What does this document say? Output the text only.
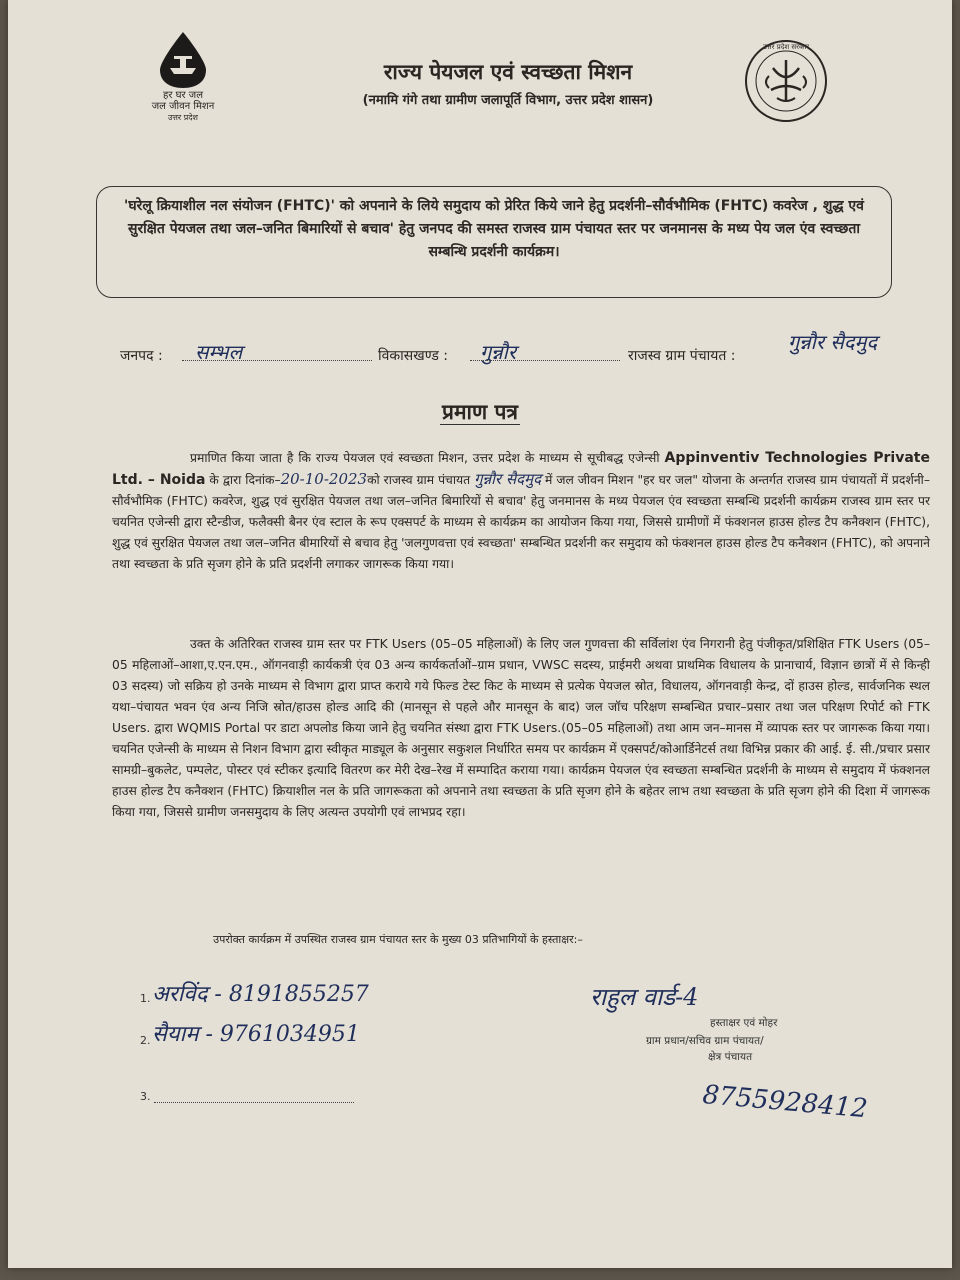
हर घर जल
जल जीवन मिशन
उत्तर प्रदेश
राज्य पेयजल एवं स्वच्छता मिशन
(नमामि गंगे तथा ग्रामीण जलापूर्ति विभाग, उत्तर प्रदेश शासन)
उत्तर प्रदेश सरकार
'घरेलू क्रियाशील नल संयोजन (FHTC)' को अपनाने के लिये समुदाय को प्रेरित किये जाने हेतु प्रदर्शनी–सौर्वभौमिक (FHTC) कवरेज , शुद्ध एवं सुरक्षित पेयजल तथा जल–जनित बिमारियों से बचाव' हेतु जनपद की समस्त राजस्व ग्राम पंचायत स्तर पर जनमानस के मध्य पेय जल एंव स्वच्छता सम्बन्धि प्रदर्शनी कार्यक्रम।
जनपद : सम्भल	विकासखण्ड : गुन्नौर	राजस्व ग्राम पंचायत :
गुन्नौर सैदमुद
प्रमाण पत्र
प्रमाणित किया जाता है कि राज्य पेयजल एवं स्वच्छता मिशन, उत्तर प्रदेश के माध्यम से सूचीबद्ध एजेन्सी Appinventiv Technologies Private Ltd. – Noida के द्वारा दिनांक–20-10-2023को राजस्व ग्राम पंचायत गुन्नौर सैदमुद में जल जीवन मिशन "हर घर जल" योजना के अन्तर्गत राजस्व ग्राम पंचायतों में प्रदर्शनी–सौर्वभौमिक (FHTC) कवरेज, शुद्ध एवं सुरक्षित पेयजल तथा जल–जनित बिमारियों से बचाव' हेतु जनमानस के मध्य पेयजल एंव स्वच्छता सम्बन्धि प्रदर्शनी कार्यक्रम राजस्व ग्राम स्तर पर चयनित एजेन्सी द्वारा स्टैन्डीज, फलैक्सी बैनर एंव स्टाल के रूप एक्सपर्ट के माध्यम से कार्यक्रम का आयोजन किया गया, जिससे ग्रामीणों में फंक्शनल हाउस होल्ड टैप कनैक्शन (FHTC), शुद्ध एवं सुरक्षित पेयजल तथा जल–जनित बीमारियों से बचाव हेतु 'जलगुणवत्ता एवं स्वच्छता' सम्बन्धित प्रदर्शनी कर समुदाय को फंक्शनल हाउस होल्ड टैप कनैक्शन (FHTC), को अपनाने तथा स्वच्छता के प्रति सृजग होने के प्रति प्रदर्शनी लगाकर जागरूक किया गया।
उक्त के अतिरिक्त राजस्व ग्राम स्तर पर FTK Users (05–05 महिलाओं) के लिए जल गुणवत्ता की सर्विलांश एंव निगरानी हेतु पंजीकृत/प्रशिक्षित FTK Users (05–05 महिलाओं–आशा,ए.एन.एम., ऑगनवाड़ी कार्यकत्री एंव 03 अन्य कार्यकर्ताओं–ग्राम प्रधान, VWSC सदस्य, प्राईमरी अथवा प्राथमिक विधालय के प्रानाचार्य, विज्ञान छात्रों में से किन्ही 03 सदस्य) जो सक्रिय हो उनके माध्यम से विभाग द्वारा प्राप्त कराये गये फिल्ड टेस्ट किट के माध्यम से प्रत्येक पेयजल स्रोत, विधालय, ऑगनवाड़ी केन्द्र, दों हाउस होल्ड, सार्वजनिक स्थल यथा–पंचायत भवन एंव अन्य निजि स्रोत/हाउस होल्ड आदि की (मानसून से पहले और मानसून के बाद) जल जॉच परिक्षण सम्बन्धित प्रचार–प्रसार तथा जल परिक्षण रिपोर्ट को FTK Users. द्वारा WQMIS Portal पर डाटा अपलोड किया जाने हेतु चयनित संस्था द्वारा FTK Users.(05–05 महिलाओं) तथा आम जन–मानस में व्यापक स्तर पर जागरूक किया गया। चयनित एजेन्सी के माध्यम से निशन विभाग द्वारा स्वीकृत माड्यूल के अनुसार सकुशल निर्धारित समय पर कार्यक्रम में एक्सपर्ट/कोआर्डिनेटर्स तथा विभिन्न प्रकार की आई. ई. सी./प्रचार प्रसार सामग्री–बुकलेट, पम्पलेट, पोस्टर एवं स्टीकर इत्यादि वितरण कर मेरी देख–रेख में सम्पादित कराया गया। कार्यक्रम पेयजल एंव स्वच्छता सम्बन्धित प्रदर्शनी के माध्यम से समुदाय में फंक्शनल हाउस होल्ड टैप कनैक्शन (FHTC) क्रियाशील नल के प्रति जागरूकता को अपनाने तथा स्वच्छता के प्रति सृजग होने के बहेतर लाभ तथा स्वच्छता के प्रति सृजग होने की दिशा में जागरूक किया गया, जिससे ग्रामीण जनसमुदाय के लिए अत्यन्त उपयोगी एवं लाभप्रद रहा।
उपरोक्त कार्यक्रम में उपस्थित राजस्व ग्राम पंचायत स्तर के मुख्य 03 प्रतिभागियों के हस्ताक्षर:–
1. अरविंद - 8191855257
2. सैयाम - 9761034951
3.
राहुल वार्ड-4
हस्ताक्षर एवं मोहर
ग्राम प्रधान/सचिव ग्राम पंचायत/
क्षेत्र पंचायत
8755928412
